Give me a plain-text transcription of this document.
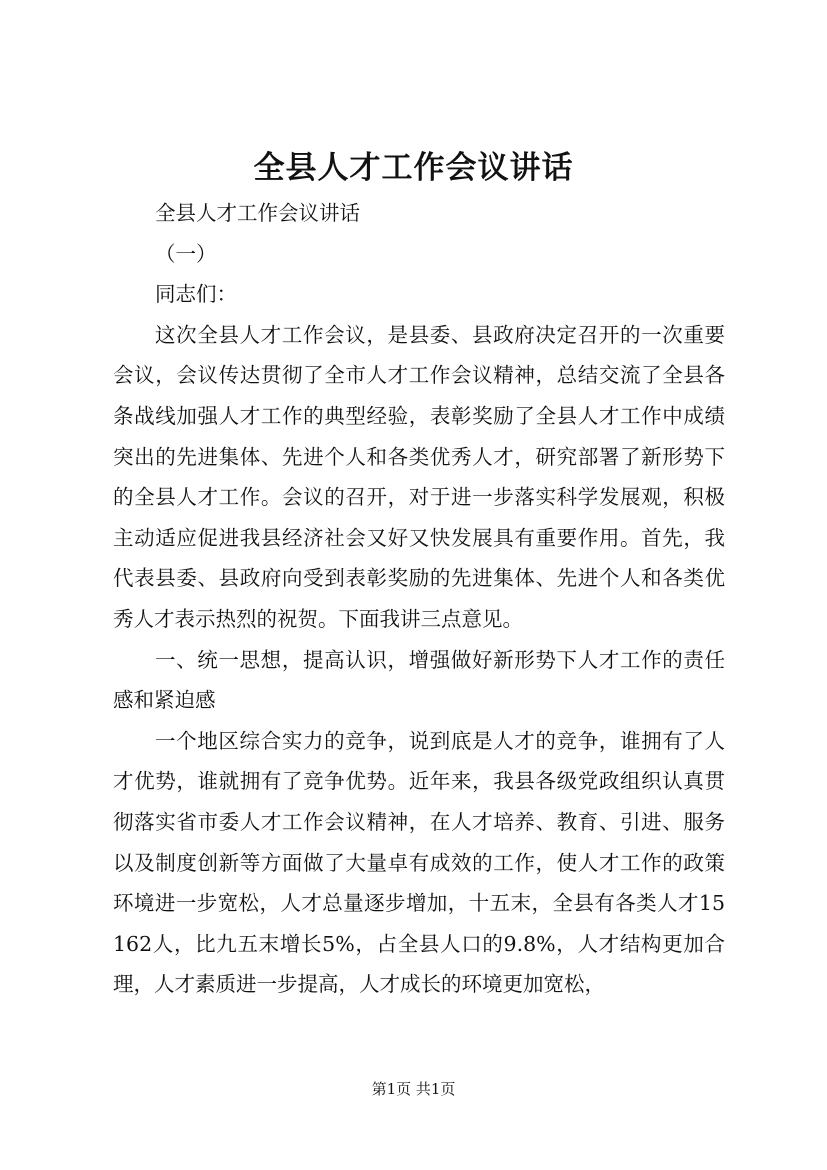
全县人才工作会议讲话

全县人才工作会议讲话

（一）

同志们：

这次全县人才工作会议，是县委、县政府决定召开的一次重要会议，会议传达贯彻了全市人才工作会议精神，总结交流了全县各条战线加强人才工作的典型经验，表彰奖励了全县人才工作中成绩突出的先进集体、先进个人和各类优秀人才，研究部署了新形势下的全县人才工作。会议的召开，对于进一步落实科学发展观，积极主动适应促进我县经济社会又好又快发展具有重要作用。首先，我代表县委、县政府向受到表彰奖励的先进集体、先进个人和各类优秀人才表示热烈的祝贺。下面我讲三点意见。

一、统一思想，提高认识，增强做好新形势下人才工作的责任感和紧迫感

一个地区综合实力的竞争，说到底是人才的竞争，谁拥有了人才优势，谁就拥有了竞争优势。近年来，我县各级党政组织认真贯彻落实省市委人才工作会议精神，在人才培养、教育、引进、服务以及制度创新等方面做了大量卓有成效的工作，使人才工作的政策环境进一步宽松，人才总量逐步增加，十五末，全县有各类人才15162人，比九五末增长5%，占全县人口的9.8%，人才结构更加合理，人才素质进一步提高，人才成长的环境更加宽松，

第1页 共1页
